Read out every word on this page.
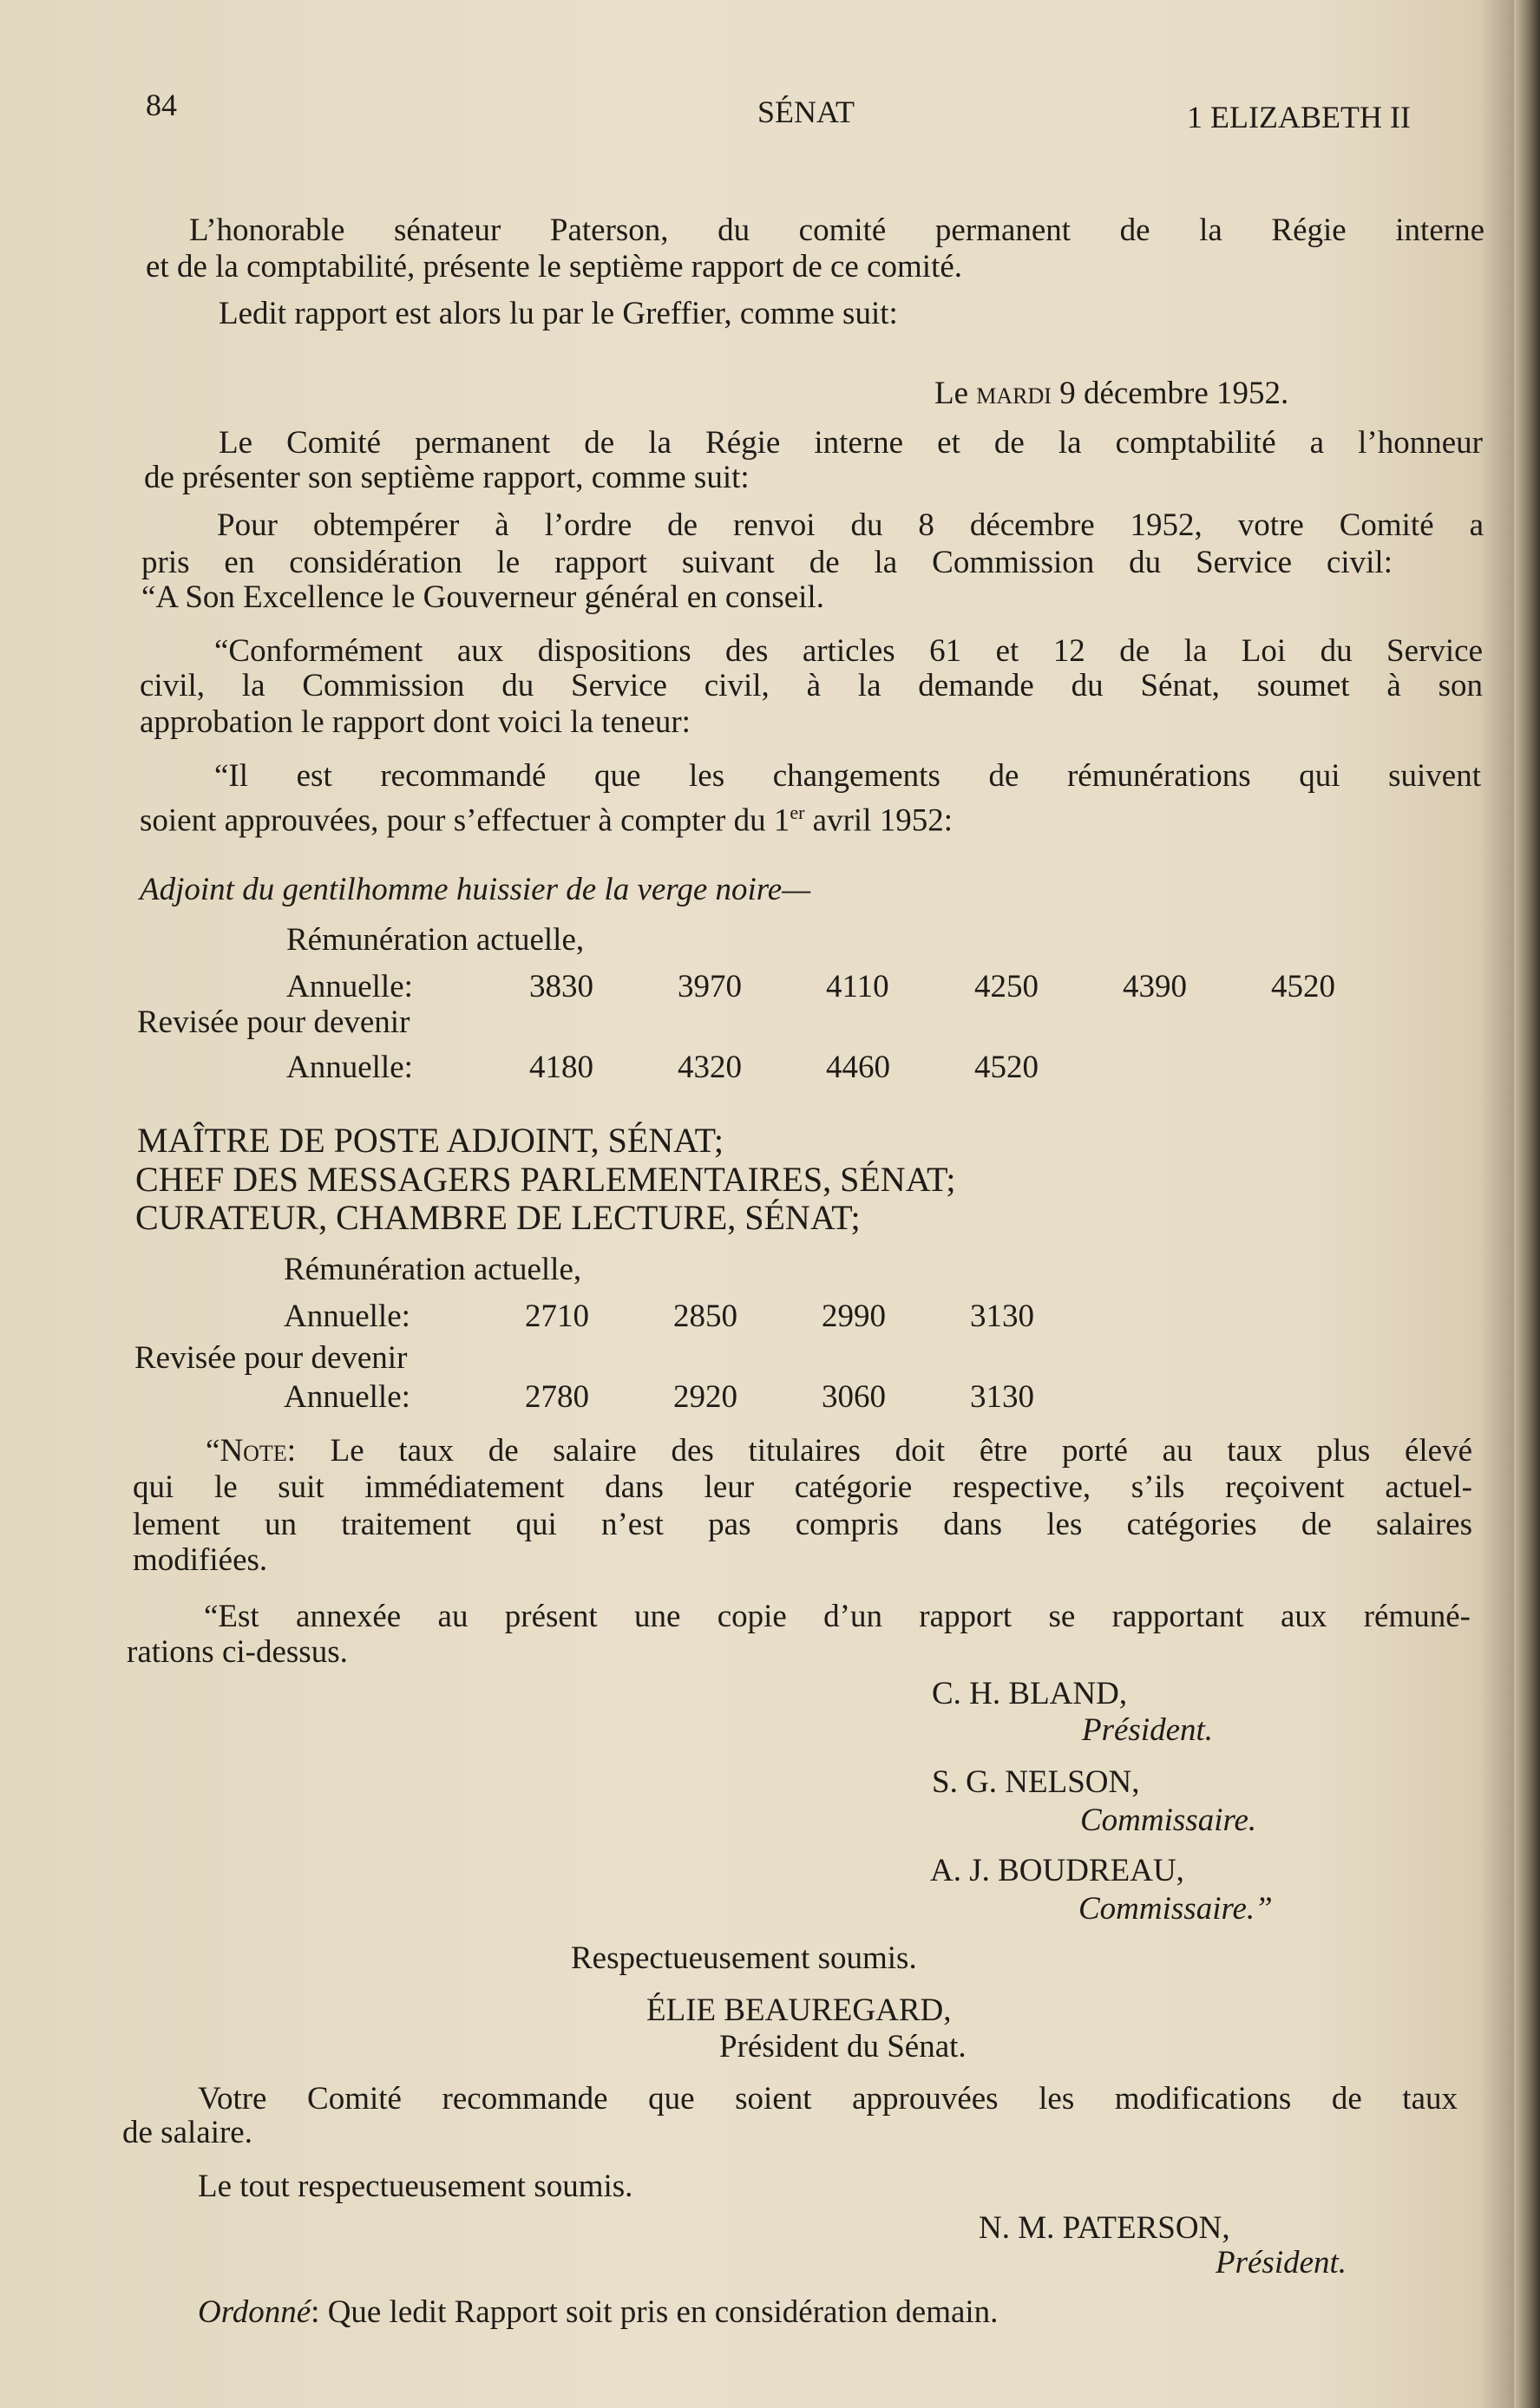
84	SÉNAT	1 ELIZABETH II
L’honorable sénateur Paterson, du comité permanent de la Régie interne
et de la comptabilité, présente le septième rapport de ce comité.
Ledit rapport est alors lu par le Greffier, comme suit:
Le mardi 9 décembre 1952.
Le Comité permanent de la Régie interne et de la comptabilité a l’honneur
de présenter son septième rapport, comme suit:
Pour obtempérer à l’ordre de renvoi du 8 décembre 1952, votre Comité a
pris en considération le rapport suivant de la Commission du Service civil:
“A Son Excellence le Gouverneur général en conseil.
“Conformément aux dispositions des articles 61 et 12 de la Loi du Service
civil, la Commission du Service civil, à la demande du Sénat, soumet à son
approbation le rapport dont voici la teneur:
“Il est recommandé que les changements de rémunérations qui suivent
soient approuvées, pour s’effectuer à compter du 1er avril 1952:
Adjoint du gentilhomme huissier de la verge noire—
Rémunération actuelle,
Annuelle:	3830	3970	4110	4250	4390	4520
Revisée pour devenir
Annuelle:	4180	4320	4460	4520
MAÎTRE DE POSTE ADJOINT, SÉNAT;
CHEF DES MESSAGERS PARLEMENTAIRES, SÉNAT;
CURATEUR, CHAMBRE DE LECTURE, SÉNAT;
Rémunération actuelle,
Annuelle:	2710	2850	2990	3130
Revisée pour devenir
Annuelle:	2780	2920	3060	3130
“Note: Le taux de salaire des titulaires doit être porté au taux plus élevé
qui le suit immédiatement dans leur catégorie respective, s’ils reçoivent actuel-
lement un traitement qui n’est pas compris dans les catégories de salaires
modifiées.
“Est annexée au présent une copie d’un rapport se rapportant aux rémuné-
rations ci-dessus.
C. H. BLAND,
Président.
S. G. NELSON,
Commissaire.
A. J. BOUDREAU,
Commissaire.”
Respectueusement soumis.
ÉLIE BEAUREGARD,
Président du Sénat.
Votre Comité recommande que soient approuvées les modifications de taux
de salaire.
Le tout respectueusement soumis.
N. M. PATERSON,
Président.
Ordonné: Que ledit Rapport soit pris en considération demain.
